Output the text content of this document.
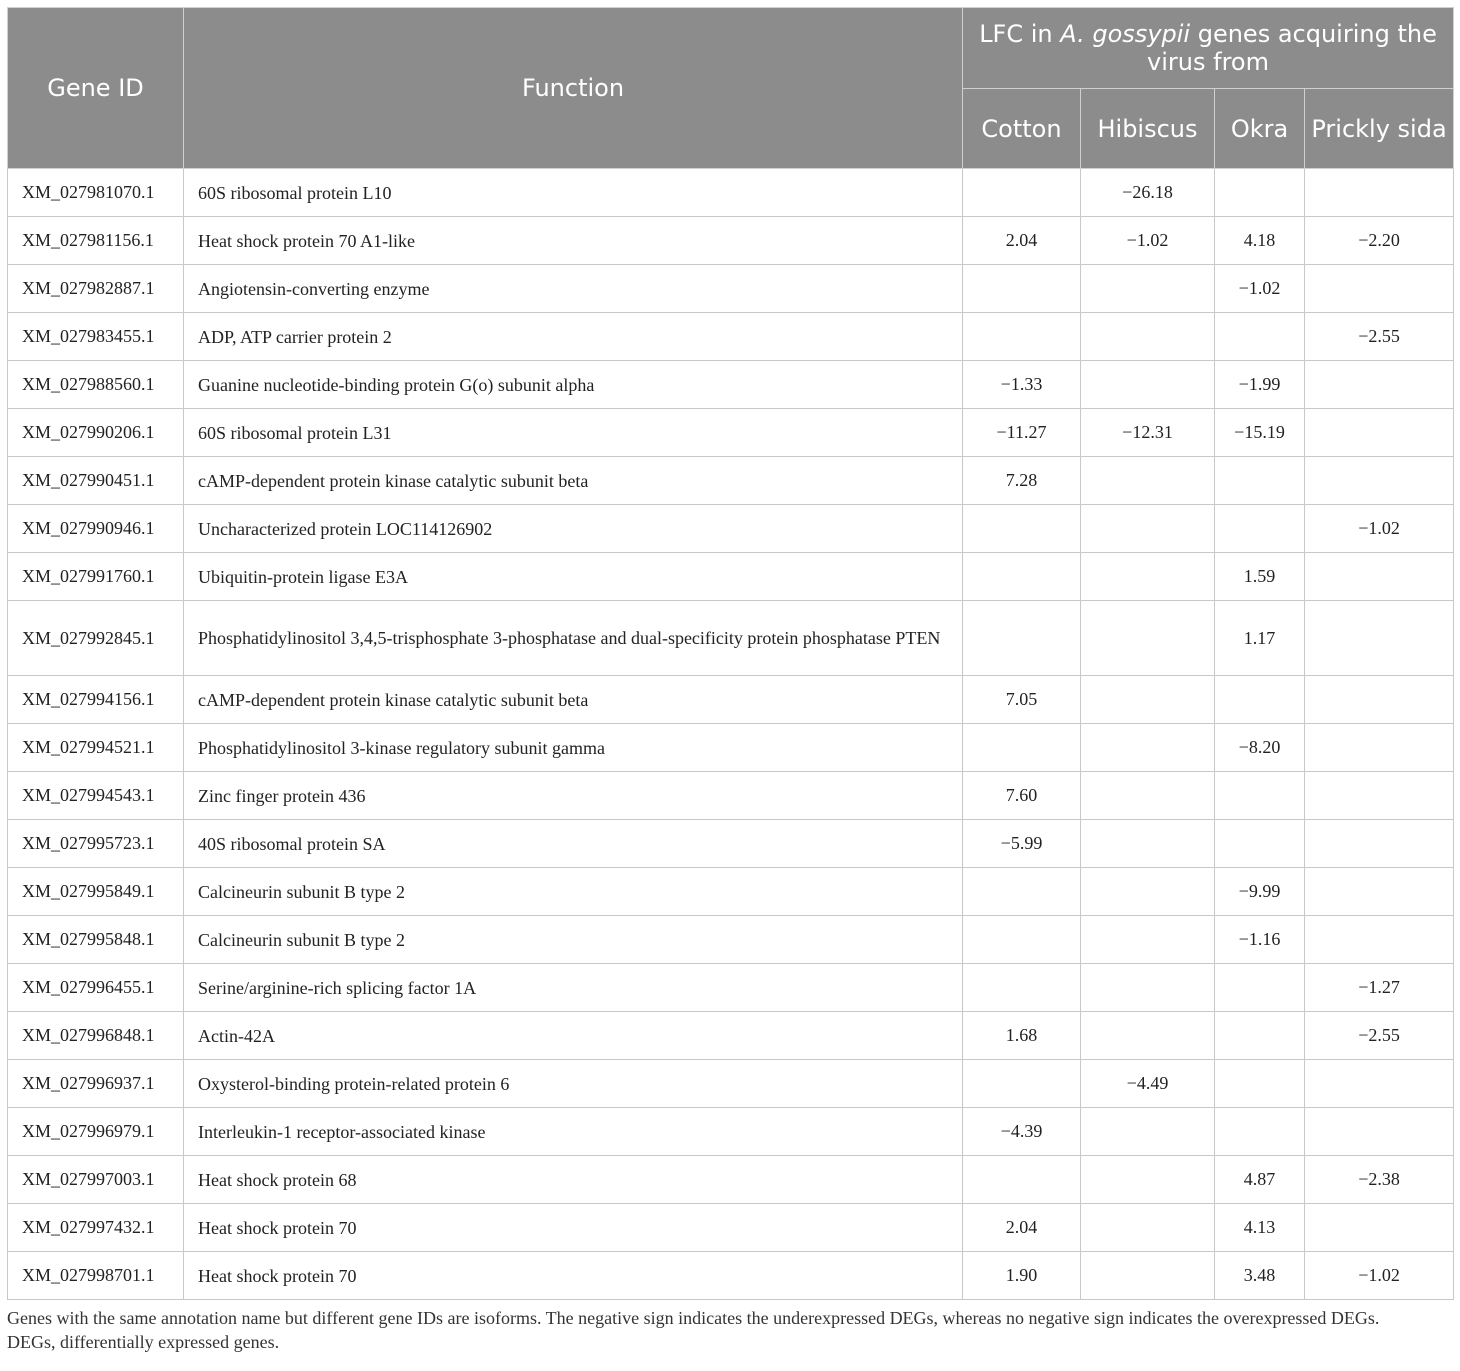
Gene ID	Function	LFC in A. gossypii genes acquiring the virus from			
		Cotton	Hibiscus	Okra	Prickly sida
XM_027981070.1	60S ribosomal protein L10		−26.18		
XM_027981156.1	Heat shock protein 70 A1-like	2.04	−1.02	4.18	−2.20
XM_027982887.1	Angiotensin-converting enzyme			−1.02	
XM_027983455.1	ADP, ATP carrier protein 2				−2.55
XM_027988560.1	Guanine nucleotide-binding protein G(o) subunit alpha	−1.33		−1.99	
XM_027990206.1	60S ribosomal protein L31	−11.27	−12.31	−15.19	
XM_027990451.1	cAMP-dependent protein kinase catalytic subunit beta	7.28			
XM_027990946.1	Uncharacterized protein LOC114126902				−1.02
XM_027991760.1	Ubiquitin-protein ligase E3A			1.59	
XM_027992845.1	Phosphatidylinositol 3,4,5-trisphosphate 3-phosphatase and dual-specificity protein phosphatase PTEN			1.17	
XM_027994156.1	cAMP-dependent protein kinase catalytic subunit beta	7.05			
XM_027994521.1	Phosphatidylinositol 3-kinase regulatory subunit gamma			−8.20	
XM_027994543.1	Zinc finger protein 436	7.60			
XM_027995723.1	40S ribosomal protein SA	−5.99			
XM_027995849.1	Calcineurin subunit B type 2			−9.99	
XM_027995848.1	Calcineurin subunit B type 2			−1.16	
XM_027996455.1	Serine/arginine-rich splicing factor 1A				−1.27
XM_027996848.1	Actin-42A	1.68			−2.55
XM_027996937.1	Oxysterol-binding protein-related protein 6		−4.49		
XM_027996979.1	Interleukin-1 receptor-associated kinase	−4.39			
XM_027997003.1	Heat shock protein 68			4.87	−2.38
XM_027997432.1	Heat shock protein 70	2.04		4.13	
XM_027998701.1	Heat shock protein 70	1.90		3.48	−1.02
Genes with the same annotation name but different gene IDs are isoforms. The negative sign indicates the underexpressed DEGs, whereas no negative sign indicates the overexpressed DEGs.
DEGs, differentially expressed genes.
